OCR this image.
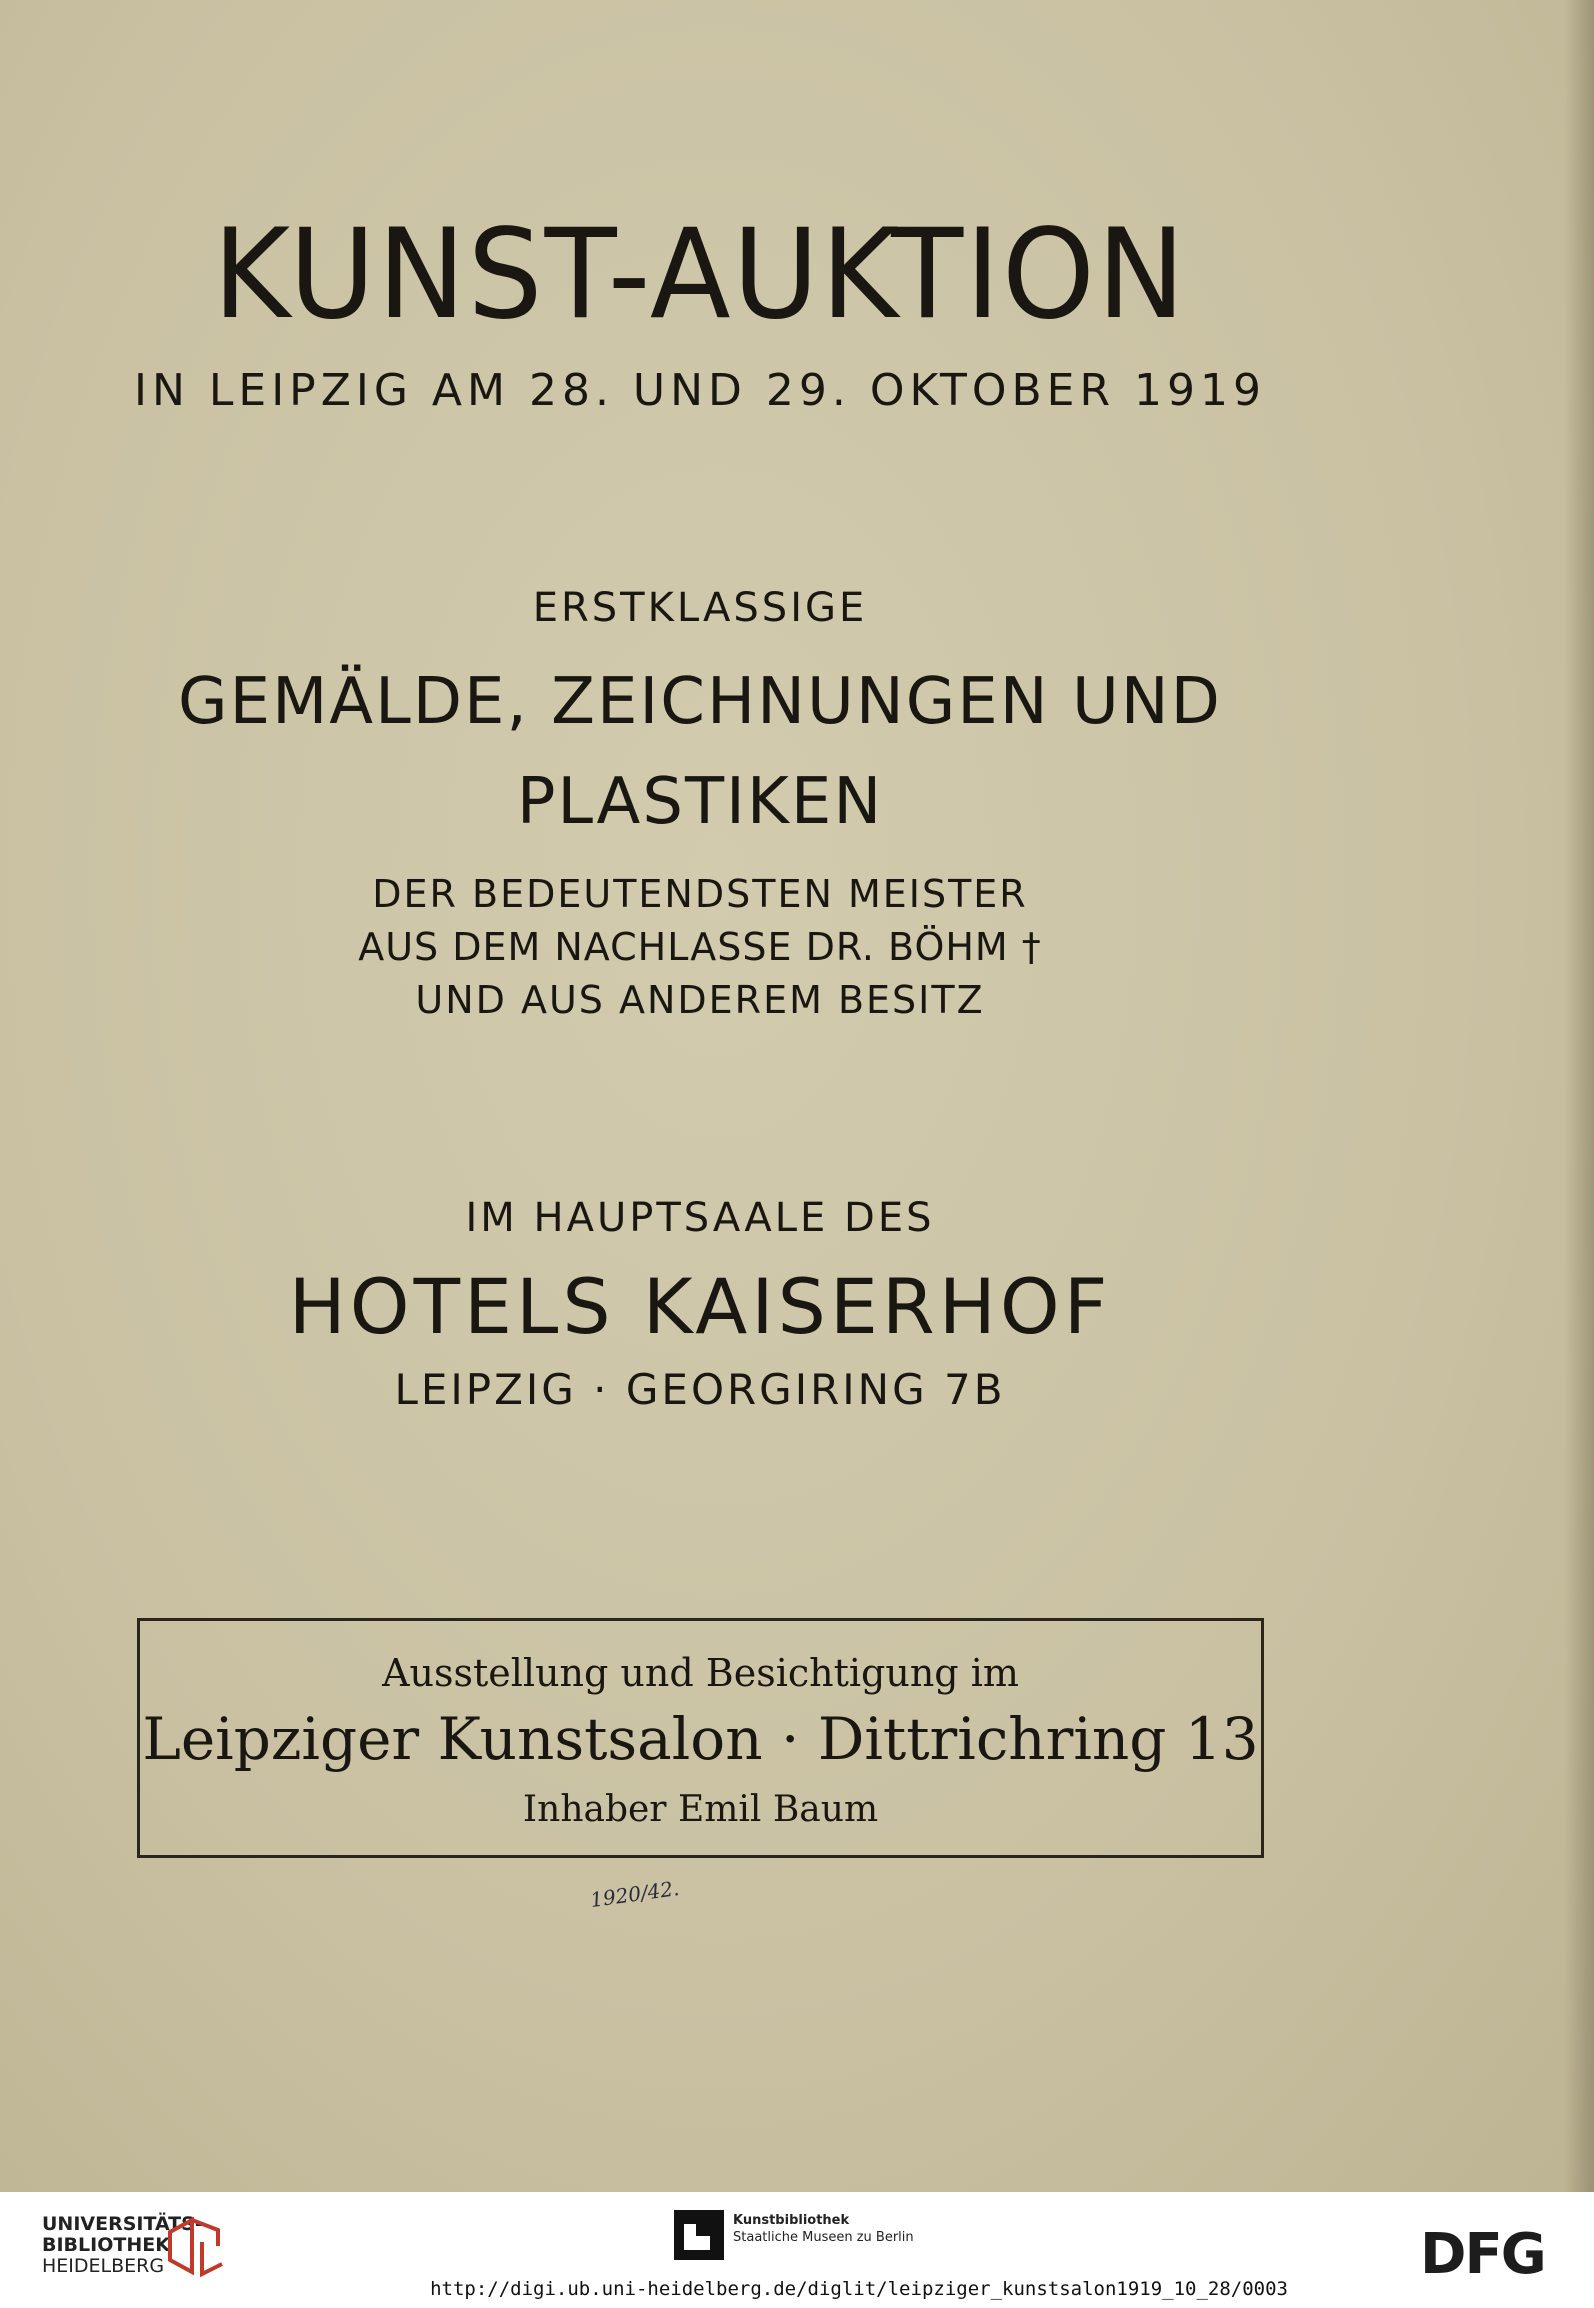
KUNST-AUKTION
IN LEIPZIG AM 28. UND 29. OKTOBER 1919
ERSTKLASSIGE
GEMÄLDE, ZEICHNUNGEN UND
PLASTIKEN
DER BEDEUTENDSTEN MEISTER
AUS DEM NACHLASSE DR. BÖHM †
UND AUS ANDEREM BESITZ
IM HAUPTSAALE DES
HOTELS KAISERHOF
LEIPZIG · GEORGIRING 7B
Ausstellung und Besichtigung im
Leipziger Kunstsalon · Dittrichring 13
Inhaber Emil Baum
1920/42.
UNIVERSITÄTS-
BIBLIOTHEK
HEIDELBERG
Kunstbibliothek
Staatliche Museen zu Berlin	DFG
http://digi.ub.uni-heidelberg.de/diglit/leipziger_kunstsalon1919_10_28/0003
